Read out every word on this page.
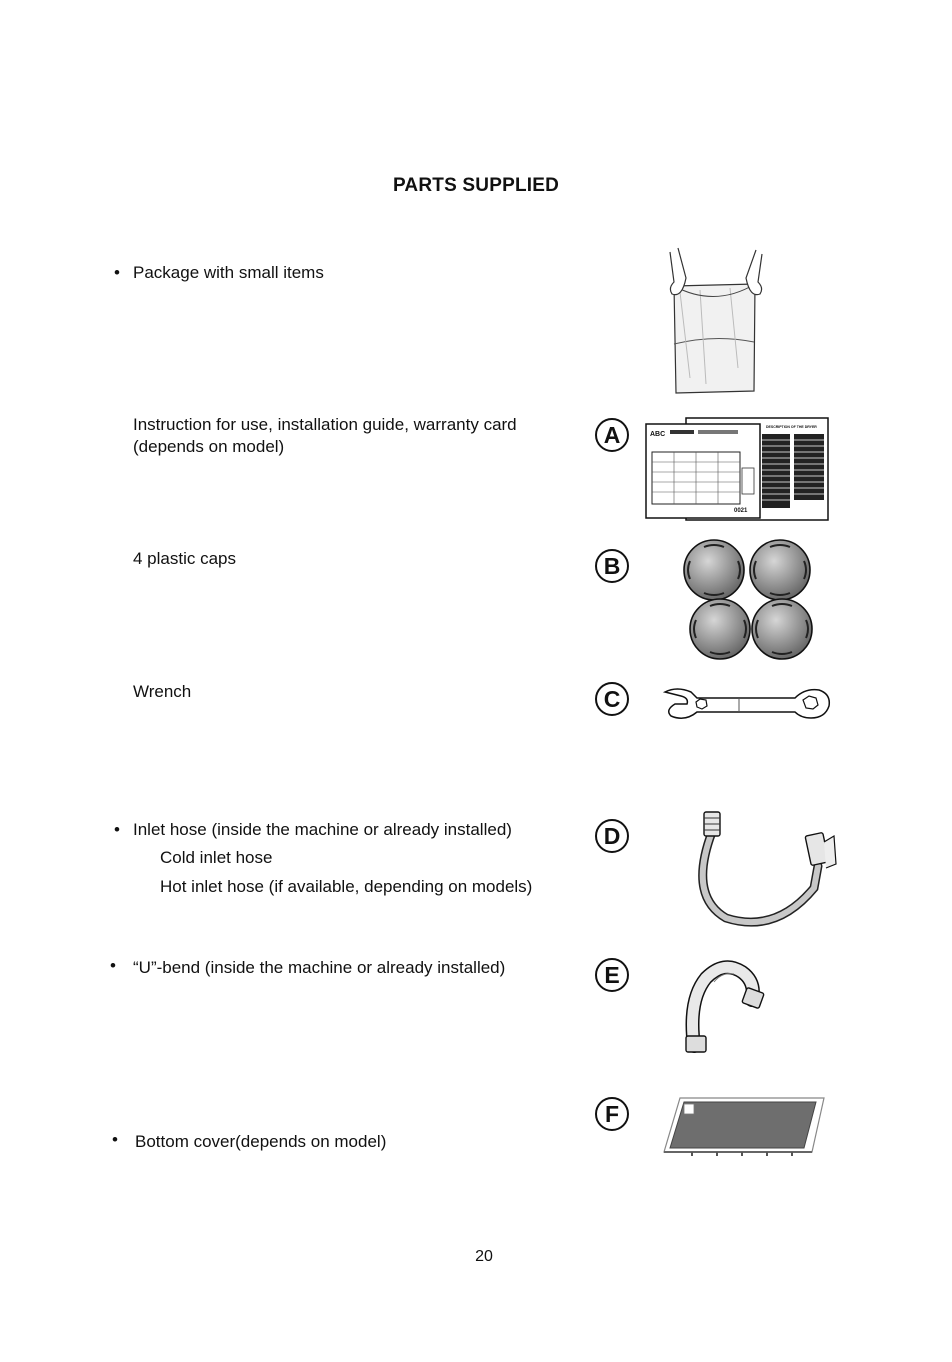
PARTS SUPPLIED
• Package with small items
Instruction for use, installation guide, warranty card
(depends on model)	A	ABC
0021
DESCRIPTION OF THE DRYER
4 plastic caps	B
Wrench	C
• Inlet hose (inside the machine or already installed)
Cold inlet hose
Hot inlet hose (if available, depending on models)
D
• “U”-bend (inside the machine or already installed)	E
F
• Bottom cover(depends on model)
20
